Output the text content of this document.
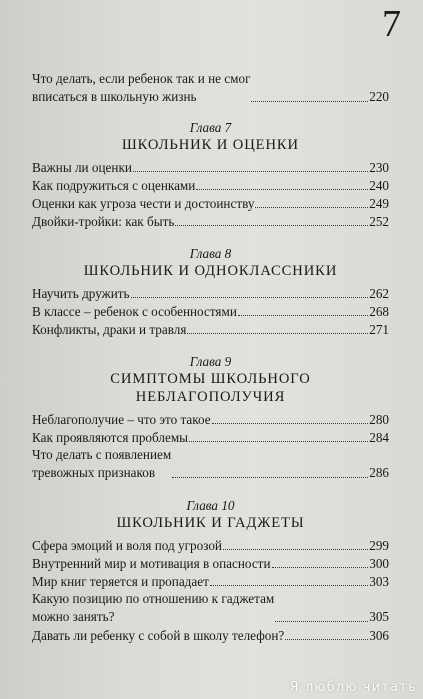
7
Что делать, если ребенок так и не смог
вписаться в школьную жизнь	220
Глава 7
ШКОЛЬНИК И ОЦЕНКИ
Важны ли оценки	230
Как подружиться с оценками	240
Оценки как угроза чести и достоинству	249
Двойки-тройки: как быть	252
Глава 8
ШКОЛЬНИК И ОДНОКЛАССНИКИ
Научить дружить	262
В классе – ребенок с особенностями	268
Конфликты, драки и травля	271
Глава 9
СИМПТОМЫ ШКОЛЬНОГО
НЕБЛАГОПОЛУЧИЯ
Неблагополучие – что это такое	280
Как проявляются проблемы	284
Что делать с появлением
тревожных признаков	286
Глава 10
ШКОЛЬНИК И ГАДЖЕТЫ
Сфера эмоций и воля под угрозой	299
Внутренний мир и мотивация в опасности	300
Мир книг теряется и пропадает	303
Какую позицию по отношению к гаджетам
можно занять?	305
Давать ли ребенку с собой в школу телефон?	306
Я люблю читать
